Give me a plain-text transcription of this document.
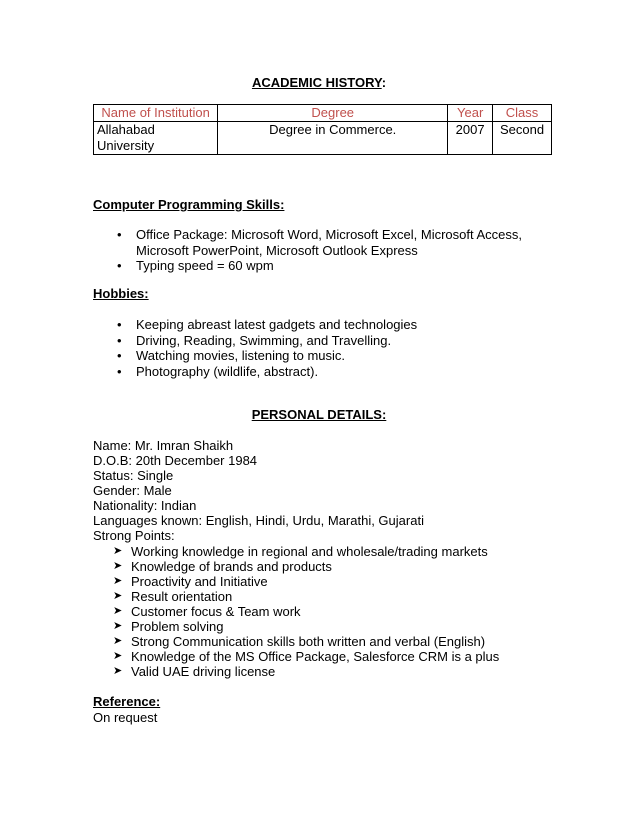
ACADEMIC HISTORY:
Name of Institution	Degree	Year	Class
Allahabad
University	Degree in Commerce.	2007	Second
Computer Programming Skills:
• Office Package: Microsoft Word, Microsoft Excel, Microsoft Access,
Microsoft PowerPoint, Microsoft Outlook Express
• Typing speed = 60 wpm
Hobbies:
• Keeping abreast latest gadgets and technologies
• Driving, Reading, Swimming, and Travelling.
• Watching movies, listening to music.
• Photography (wildlife, abstract).
PERSONAL DETAILS:
Name: Mr. Imran Shaikh
D.O.B: 20th December 1984
Status: Single
Gender: Male
Nationality: Indian
Languages known: English, Hindi, Urdu, Marathi, Gujarati
Strong Points:
➤ Working knowledge in regional and wholesale/trading markets
➤ Knowledge of brands and products
➤ Proactivity and Initiative
➤ Result orientation
➤ Customer focus & Team work
➤ Problem solving
➤ Strong Communication skills both written and verbal (English)
➤ Knowledge of the MS Office Package, Salesforce CRM is a plus
➤ Valid UAE driving license
Reference:
On request
